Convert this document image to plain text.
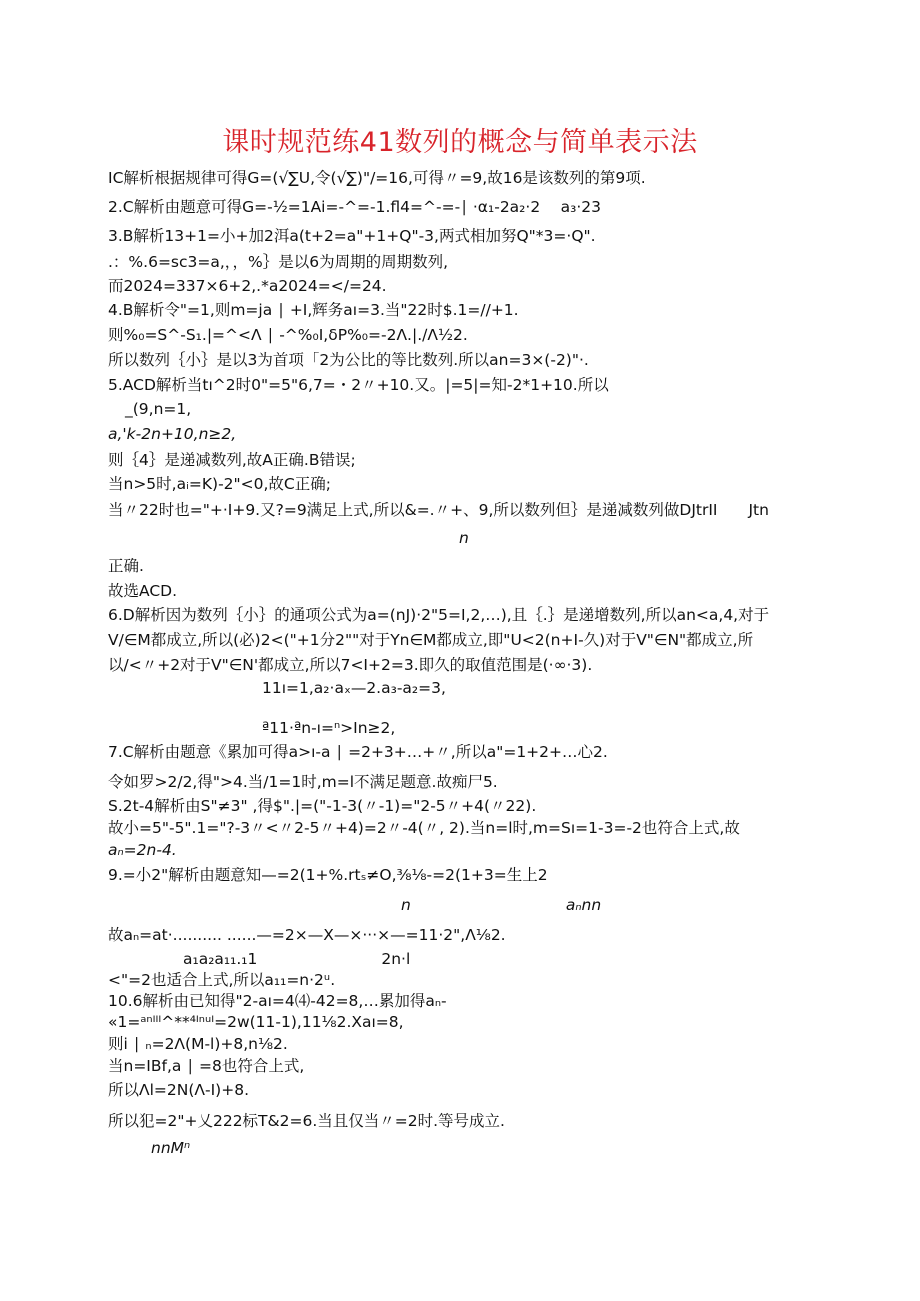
课时规范练41数列的概念与简单表示法
IC解析根据规律可得G=(√∑U,令(√∑)"/=16,可得〃=9,故16是该数列的第9项.
2.C解析由题意可得G=-½=1Ai=-^=-1.fl4=^-=-∣ ·α₁-2a₂·2　 a₃·23
3.B解析13+1=小+加2洱a(t+2=a"+1+Q"-3,两式相加努Q"*3=·Q".
.：%.6=sc3=a,，，%｝是以6为周期的周期数列,
而2024=337×6+2,.*a2024=</=24.
4.B解析令"=1,则m=ja ∣ +I,辉务aı=3.当"22时$.1=//+1.
则%₀=S^-S₁.|=^<Λ ∣ -^%₀I,δP%₀=-2Λ.|.∕Λ½2.
所以数列｛小｝是以3为首项「2为公比的等比数列.所以an=3×(-2)"·.
5.ACD解析当tı^2时0"=5"6,7=・2〃+10.又。|=5|=知-2*1+10.所以
_(9,n=1,
a,'k-2n+10,n≥2,
则｛4｝是递减数列,故A正确.B错误;
当n>5时,aᵢ=K)-2"<0,故C正确;
当〃22时也="+·I+9.又?=9满足上式,所以&=.〃+、9,所以数列但｝是递减数列做DJtrII　　Jtn
n
正确.
故选ACD.
6.D解析因为数列｛小｝的通项公式为a=(nJ)·2"5=I,2,…),且｛.｝是递增数列,所以an<a,4,对于
V/∈M都成立,所以(必)2<("+1分2""对于Yn∈M都成立,即"U<2(n+I-久)对于V"∈N"都成立,所
以/<〃+2对于V"∈N'都成立,所以7<I+2=3.即久的取值范围是(·∞·3).
11ı=1,a₂·aₓ—2.a₃-a₂=3,
ª11·ªn-ı=ⁿ>In≥2,
7.C解析由题意《累加可得a>ı-a ∣ =2+3+…+〃,所以a"=1+2+…心2.
令如罗>2/2,得">4.当/1=1时,m=l不满足题意.故痴尸5.
S.2t-4解析由S"≠3" ,得$".|=("-1-3(〃-1)="2-5〃+4(〃22).
故小=5"-5".1="?-3〃<〃2-5〃+4)=2〃-4(〃, 2).当n=l时,m=Sı=1-3=-2也符合上式,故
aₙ=2n-4.
9.=小2"解析由题意知—=2(1+%.rtₛ≠O,⅜⅛-=2(1+3=生上2
n　　　　　　　　　　aₙnn
故aₙ=at·.......... ......—=2×—X—×···×—=11·2",Λ⅛2.
a₁a₂a₁₁.₁1　　　　　　　　2n·l
<"=2也适合上式,所以a₁₁=n·2ᵘ.
10.6解析由已知得"2-aı=4⑷-42=8,…累加得aₙ-
«1=ᵃⁿᴵᴵᴵ^**⁴ᴵⁿᵘᴵ=2w(11-1),11⅛2.Xaı=8,
则i ∣ ₙ=2Λ(M-l)+8,n⅛2.
当n=IBf,a ∣ =8也符合上式,
所以Λl=2N(Λ-I)+8.
所以犯=2"+乂222标T&2=6.当且仅当〃=2时.等号成立.
nnMⁿ
